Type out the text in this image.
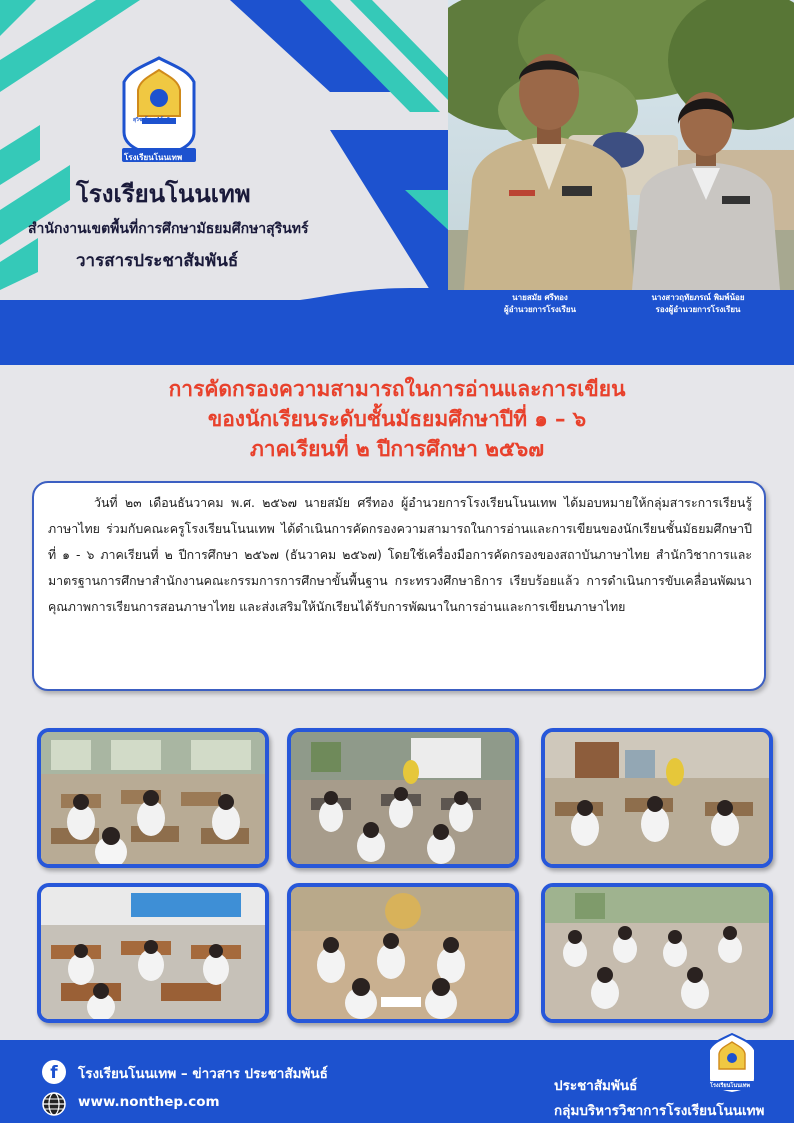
สุวิชาโน ภวํ โหติ
โรงเรียนโนนเทพ
โรงเรียนโนนเทพ
สำนักงานเขตพื้นที่การศึกษามัธยมศึกษาสุรินทร์
วารสารประชาสัมพันธ์
นายสมัย ศรีทอง
ผู้อำนวยการโรงเรียน
นางสาวฤทัยภรณ์ พิมพ์น้อย
รองผู้อำนวยการโรงเรียน
การคัดกรองความสามารถในการอ่านและการเขียน
ของนักเรียนระดับชั้นมัธยมศึกษาปีที่ ๑ – ๖
ภาคเรียนที่ ๒ ปีการศึกษา ๒๕๖๗

วันที่ ๒๓ เดือนธันวาคม พ.ศ. ๒๕๖๗ นายสมัย ศรีทอง ผู้อำนวยการโรงเรียนโนนเทพ ได้มอบหมายให้กลุ่มสาระการเรียนรู้ภาษาไทย ร่วมกับคณะครูโรงเรียนโนนเทพ ได้ดำเนินการคัดกรองความสามารถในการอ่านและการเขียนของนักเรียนชั้นมัธยมศึกษาปีที่ ๑ - ๖ ภาคเรียนที่ ๒ ปีการศึกษา ๒๕๖๗ (ธันวาคม ๒๕๖๗) โดยใช้เครื่องมือการคัดกรองของสถาบันภาษาไทย สำนักวิชาการและมาตรฐานการศึกษาสำนักงานคณะกรรมการการศึกษาขั้นพื้นฐาน กระทรวงศึกษาธิการ เรียบร้อยแล้ว การดำเนินการขับเคลื่อนพัฒนาคุณภาพการเรียนการสอนภาษาไทย และส่งเสริมให้นักเรียนได้รับการพัฒนาในการอ่านและการเขียนภาษาไทย

f	โรงเรียนโนนเทพ – ข่าวสาร ประชาสัมพันธ์
www.nonthep.com
ประชาสัมพันธ์
กลุ่มบริหารวิชาการโรงเรียนโนนเทพ
โรงเรียนโนนเทพ
